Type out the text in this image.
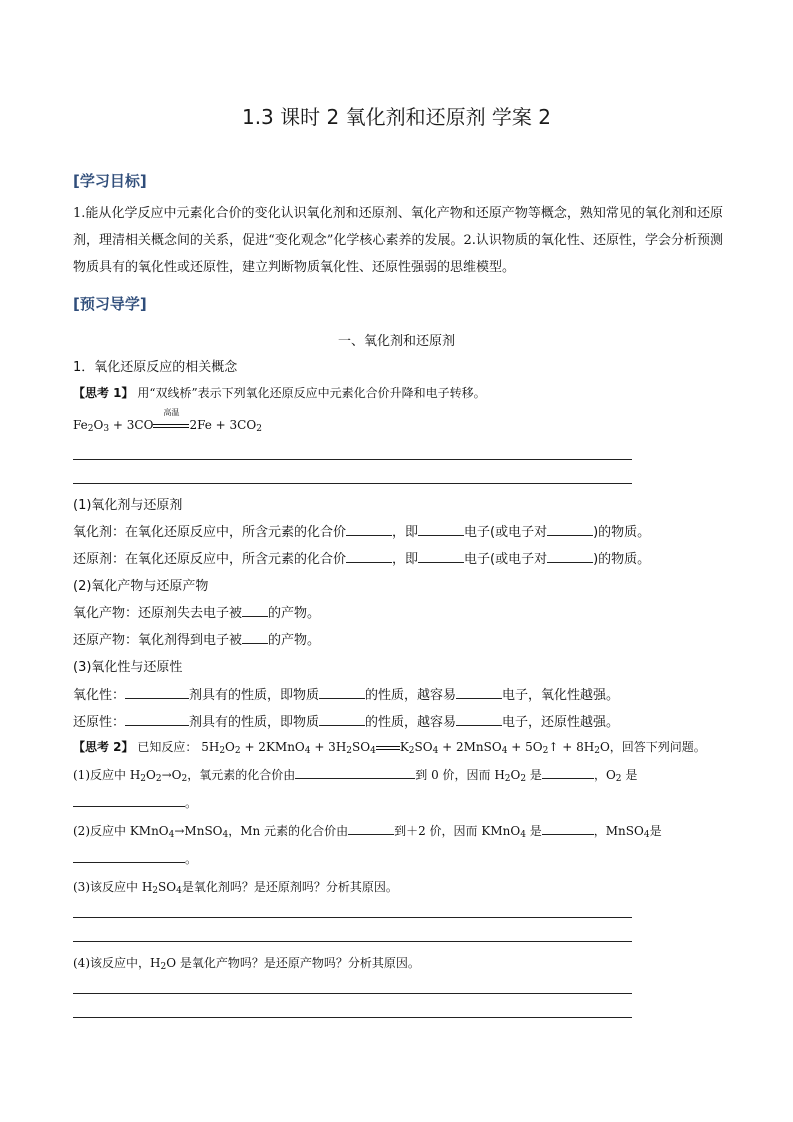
1.3 课时 2 氧化剂和还原剂 学案 2
[学习目标]
1.能从化学反应中元素化合价的变化认识氧化剂和还原剂、氧化产物和还原产物等概念，熟知常见的氧化剂和还原剂，理清相关概念间的关系，促进“变化观念”化学核心素养的发展。2.认识物质的氧化性、还原性，学会分析预测物质具有的氧化性或还原性，建立判断物质氧化性、还原性强弱的思维模型。
[预习导学]
一、氧化剂和还原剂
1．氧化还原反应的相关概念
【思考 1】 用“双线桥”表示下列氧化还原反应中元素化合价升降和电子转移。
$Fe_2O_3 + 3CO$
高温
$2Fe + 3CO_2$
(1)氧化剂与还原剂
氧化剂：在氧化还原反应中，所含元素的化合价	，即	电子(或电子对	)的物质。
还原剂：在氧化还原反应中，所含元素的化合价	，即	电子(或电子对	)的物质。
(2)氧化产物与还原产物
氧化产物：还原剂失去电子被 的产物。
还原产物：氧化剂得到电子被 的产物。
(3)氧化性与还原性
氧化性：	剂具有的性质，即物质	的性质，越容易	电子，氧化性越强。
还原性：	剂具有的性质，即物质	的性质，越容易	电子，还原性越强。
【思考 2】 已知反应： $5H_2O_2$ + 2KMnO$_4$ + $3H_2SO_4$ $K_2SO_4$ + 2MnSO$_4$ + $5O_2↑ + 8H_2O$，回答下列问题。
(1)反应中 $H_2O_2\to O_2$，氧元素的化合价由	到 0 价，因而 $H_2O_2$ 是	，$O_2$ 是
。
(2)反应中 KMnO$_4$→MnSO$_4$，Mn 元素的化合价由	到＋2 价，因而 KMnO$_4$ 是	，MnSO$_4$是
。
(3)该反应中 $H_2SO_4$是氧化剂吗？是还原剂吗？分析其原因。
(4)该反应中，$H_2O$ 是氧化产物吗？是还原产物吗？分析其原因。
